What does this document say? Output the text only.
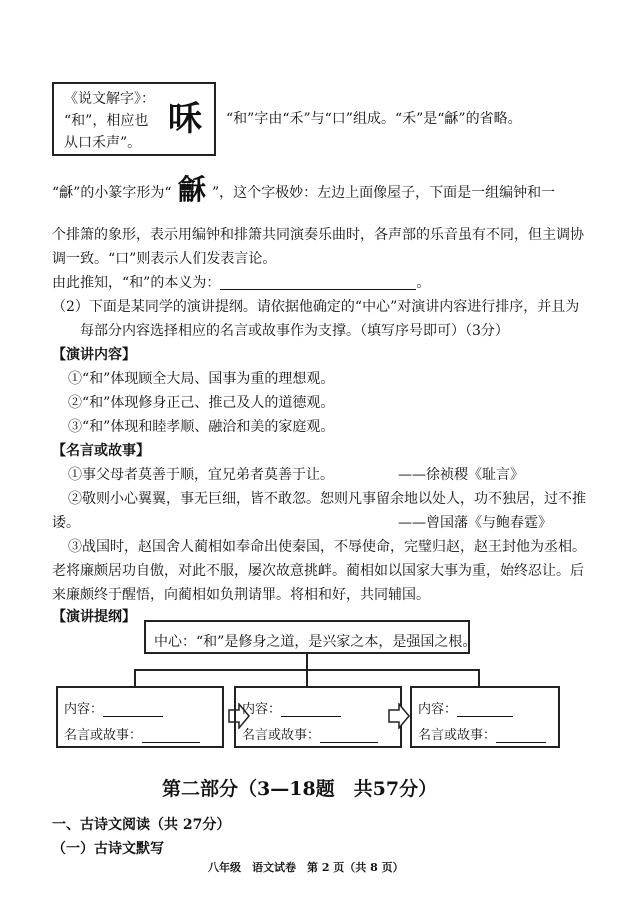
《说文解字》：
“和”，相应也
从口禾声”。
咊 “和”字由“禾”与“口”组成。“禾”是“龢”的省略。
“龢”的小篆字形为“ 龢 ”，这个字极妙：左边上面像屋子，下面是一组编钟和一
个排箫的象形，表示用编钟和排箫共同演奏乐曲时，各声部的乐音虽有不同，但主调协
调一致。“口”则表示人们发表言论。
由此推知，“和”的本义为：	。
（2）下面是某同学的演讲提纲。请依据他确定的“中心”对演讲内容进行排序，并且为
每部分内容选择相应的名言或故事作为支撑。（填写序号即可）（3分）
【演讲内容】
①“和”体现顾全大局、国事为重的理想观。
②“和”体现修身正己、推己及人的道德观。
③“和”体现和睦孝顺、融洽和美的家庭观。
【名言或故事】
①事父母者莫善于顺，宜兄弟者莫善于让。	——徐祯稷《耻言》
②敬则小心翼翼，事无巨细，皆不敢忽。恕则凡事留余地以处人，功不独居，过不推
诿。	——曾国藩《与鲍春霆》
③战国时，赵国舍人蔺相如奉命出使秦国，不辱使命，完璧归赵，赵王封他为丞相。
老将廉颇居功自傲，对此不服，屡次故意挑衅。蔺相如以国家大事为重，始终忍让。后
来廉颇终于醒悟，向蔺相如负荆请罪。将相和好，共同辅国。
【演讲提纲】
中心：“和”是修身之道，是兴家之本，是强国之根。
内容：
名言或故事：
内容：
名言或故事：
内容：
名言或故事：
第二部分（3—18题　共57分）
一、古诗文阅读（共 27分）
（一）古诗文默写
八年级　语文试卷　第 2 页（共 8 页）
